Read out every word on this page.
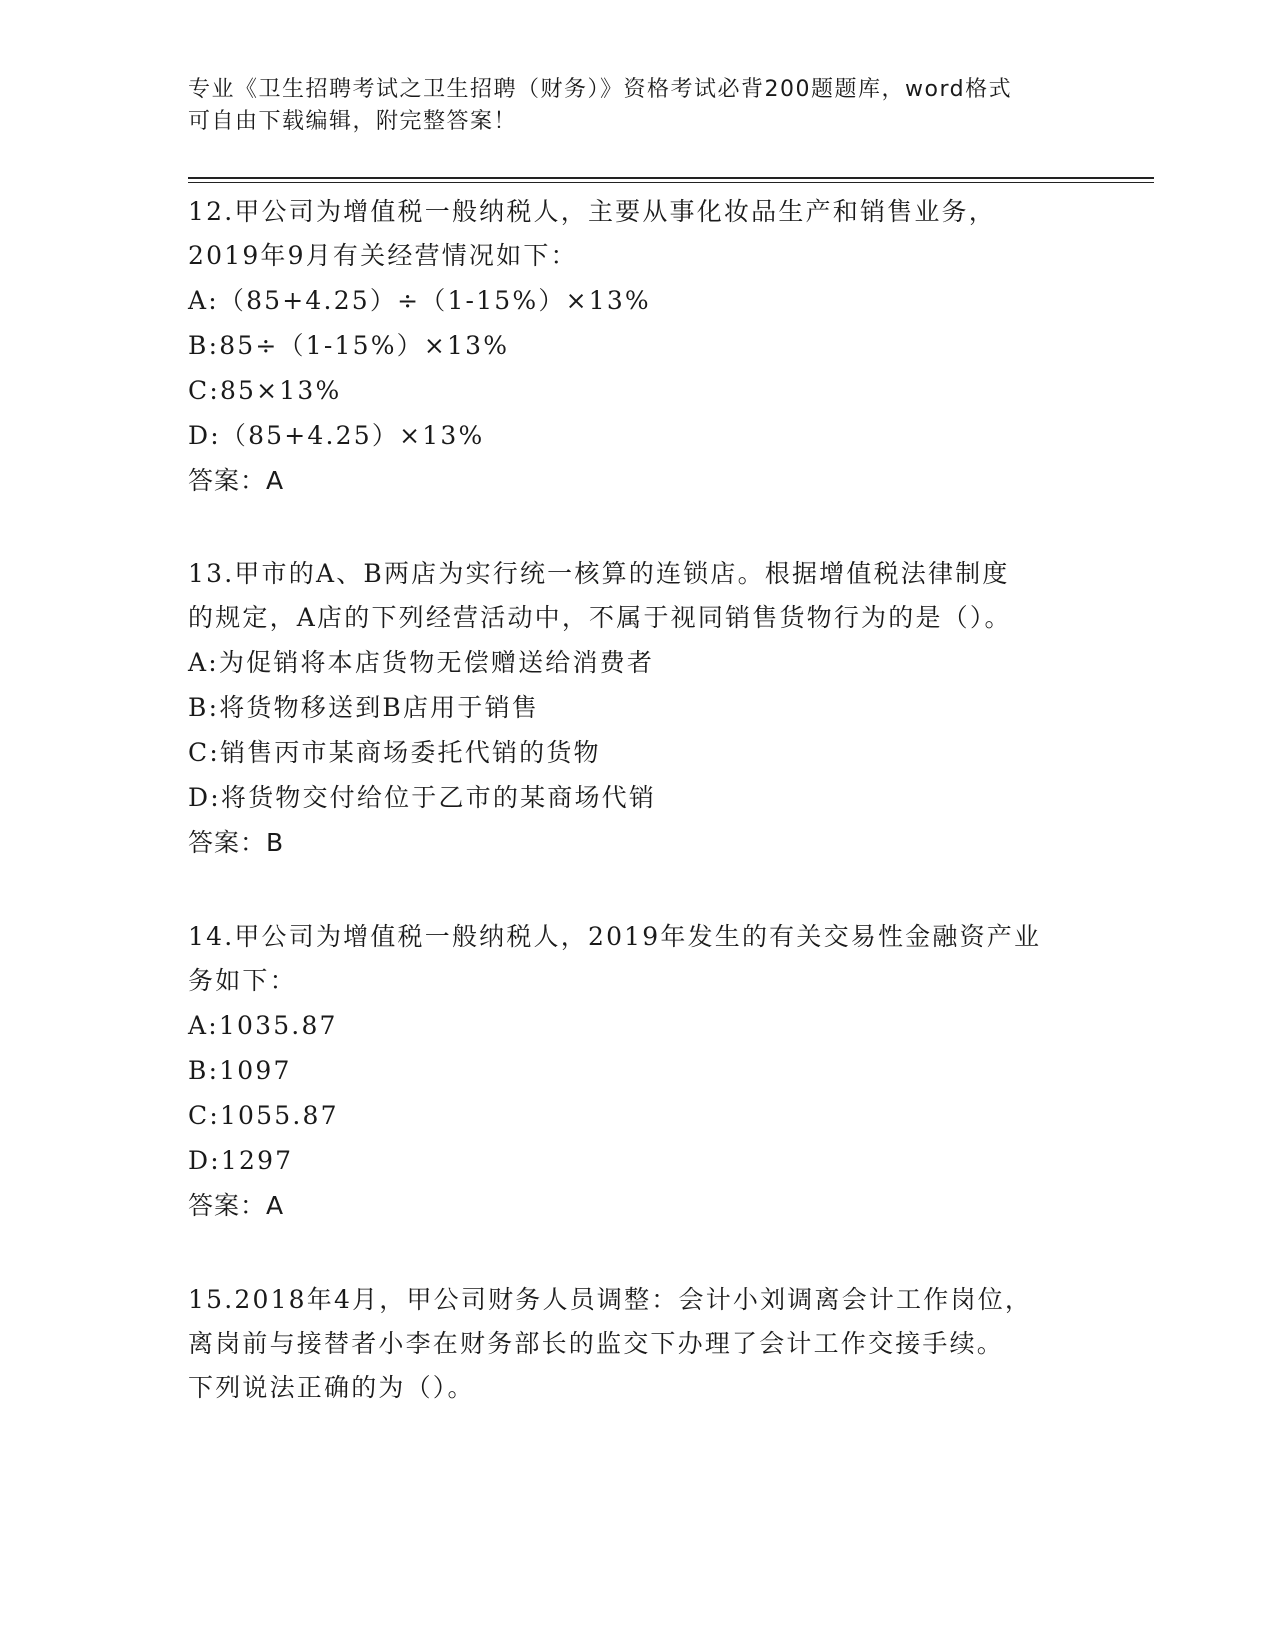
专业《卫生招聘考试之卫生招聘（财务）》资格考试必背200题题库，word格式
可自由下载编辑，附完整答案！
12.甲公司为增值税一般纳税人，主要从事化妆品生产和销售业务，
2019年9月有关经营情况如下：
A:（85+4.25）÷（1-15%）×13%
B:85÷（1-15%）×13%
C:85×13%
D:（85+4.25）×13%
答案：A
13.甲市的A、B两店为实行统一核算的连锁店。根据增值税法律制度
的规定，A店的下列经营活动中，不属于视同销售货物行为的是（）。
A:为促销将本店货物无偿赠送给消费者
B:将货物移送到B店用于销售
C:销售丙市某商场委托代销的货物
D:将货物交付给位于乙市的某商场代销
答案：B
14.甲公司为增值税一般纳税人，2019年发生的有关交易性金融资产业
务如下：
A:1035.87
B:1097
C:1055.87
D:1297
答案：A
15.2018年4月，甲公司财务人员调整：会计小刘调离会计工作岗位，
离岗前与接替者小李在财务部长的监交下办理了会计工作交接手续。
下列说法正确的为（）。
